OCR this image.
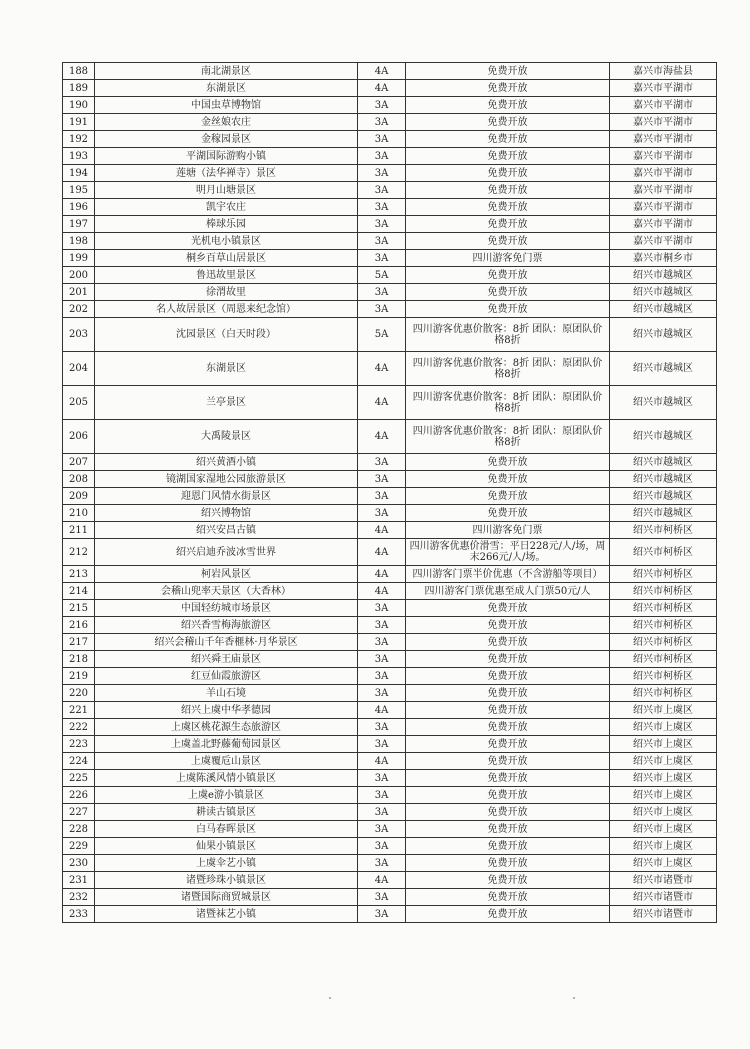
188	南北湖景区	4A	免费开放	嘉兴市海盐县
189	东湖景区	4A	免费开放	嘉兴市平湖市
190	中国虫草博物馆	3A	免费开放	嘉兴市平湖市
191	金丝娘农庄	3A	免费开放	嘉兴市平湖市
192	金稼园景区	3A	免费开放	嘉兴市平湖市
193	平湖国际游购小镇	3A	免费开放	嘉兴市平湖市
194	莲塘（法华禅寺）景区	3A	免费开放	嘉兴市平湖市
195	明月山塘景区	3A	免费开放	嘉兴市平湖市
196	凯宇农庄	3A	免费开放	嘉兴市平湖市
197	棒球乐园	3A	免费开放	嘉兴市平湖市
198	光机电小镇景区	3A	免费开放	嘉兴市平湖市
199	桐乡百草山居景区	3A	四川游客免门票	嘉兴市桐乡市
200	鲁迅故里景区	5A	免费开放	绍兴市越城区
201	徐渭故里	3A	免费开放	绍兴市越城区
202	名人故居景区（周恩来纪念馆）	3A	免费开放	绍兴市越城区
203	沈园景区（白天时段）	5A	四川游客优惠价散客：8折 团队：原团队价格8折	绍兴市越城区
204	东湖景区	4A	四川游客优惠价散客：8折 团队：原团队价格8折	绍兴市越城区
205	兰亭景区	4A	四川游客优惠价散客：8折 团队：原团队价格8折	绍兴市越城区
206	大禹陵景区	4A	四川游客优惠价散客：8折 团队：原团队价格8折	绍兴市越城区
207	绍兴黄酒小镇	3A	免费开放	绍兴市越城区
208	镜湖国家湿地公园旅游景区	3A	免费开放	绍兴市越城区
209	迎恩门风情水街景区	3A	免费开放	绍兴市越城区
210	绍兴博物馆	3A	免费开放	绍兴市越城区
211	绍兴安昌古镇	4A	四川游客免门票	绍兴市柯桥区
212	绍兴启迪乔波冰雪世界	4A	四川游客优惠价滑雪：平日228元/人/场，周末266元/人/场。	绍兴市柯桥区
213	柯岩风景区	4A	四川游客门票半价优惠（不含游船等项目）	绍兴市柯桥区
214	会稽山兜率天景区（大香林）	4A	四川游客门票优惠至成人门票50元/人	绍兴市柯桥区
215	中国轻纺城市场景区	3A	免费开放	绍兴市柯桥区
216	绍兴香雪梅海旅游区	3A	免费开放	绍兴市柯桥区
217	绍兴会稽山千年香榧林·月华景区	3A	免费开放	绍兴市柯桥区
218	绍兴舜王庙景区	3A	免费开放	绍兴市柯桥区
219	红豆仙霞旅游区	3A	免费开放	绍兴市柯桥区
220	羊山石境	3A	免费开放	绍兴市柯桥区
221	绍兴上虞中华孝德园	4A	免费开放	绍兴市上虞区
222	上虞区桃花源生态旅游区	3A	免费开放	绍兴市上虞区
223	上虞盖北野藤葡萄园景区	3A	免费开放	绍兴市上虞区
224	上虞覆卮山景区	4A	免费开放	绍兴市上虞区
225	上虞陈溪风情小镇景区	3A	免费开放	绍兴市上虞区
226	上虞e游小镇景区	3A	免费开放	绍兴市上虞区
227	耕读古镇景区	3A	免费开放	绍兴市上虞区
228	白马春晖景区	3A	免费开放	绍兴市上虞区
229	仙果小镇景区	3A	免费开放	绍兴市上虞区
230	上虞伞艺小镇	3A	免费开放	绍兴市上虞区
231	诸暨珍珠小镇景区	4A	免费开放	绍兴市诸暨市
232	诸暨国际商贸城景区	3A	免费开放	绍兴市诸暨市
233	诸暨袜艺小镇	3A	免费开放	绍兴市诸暨市
